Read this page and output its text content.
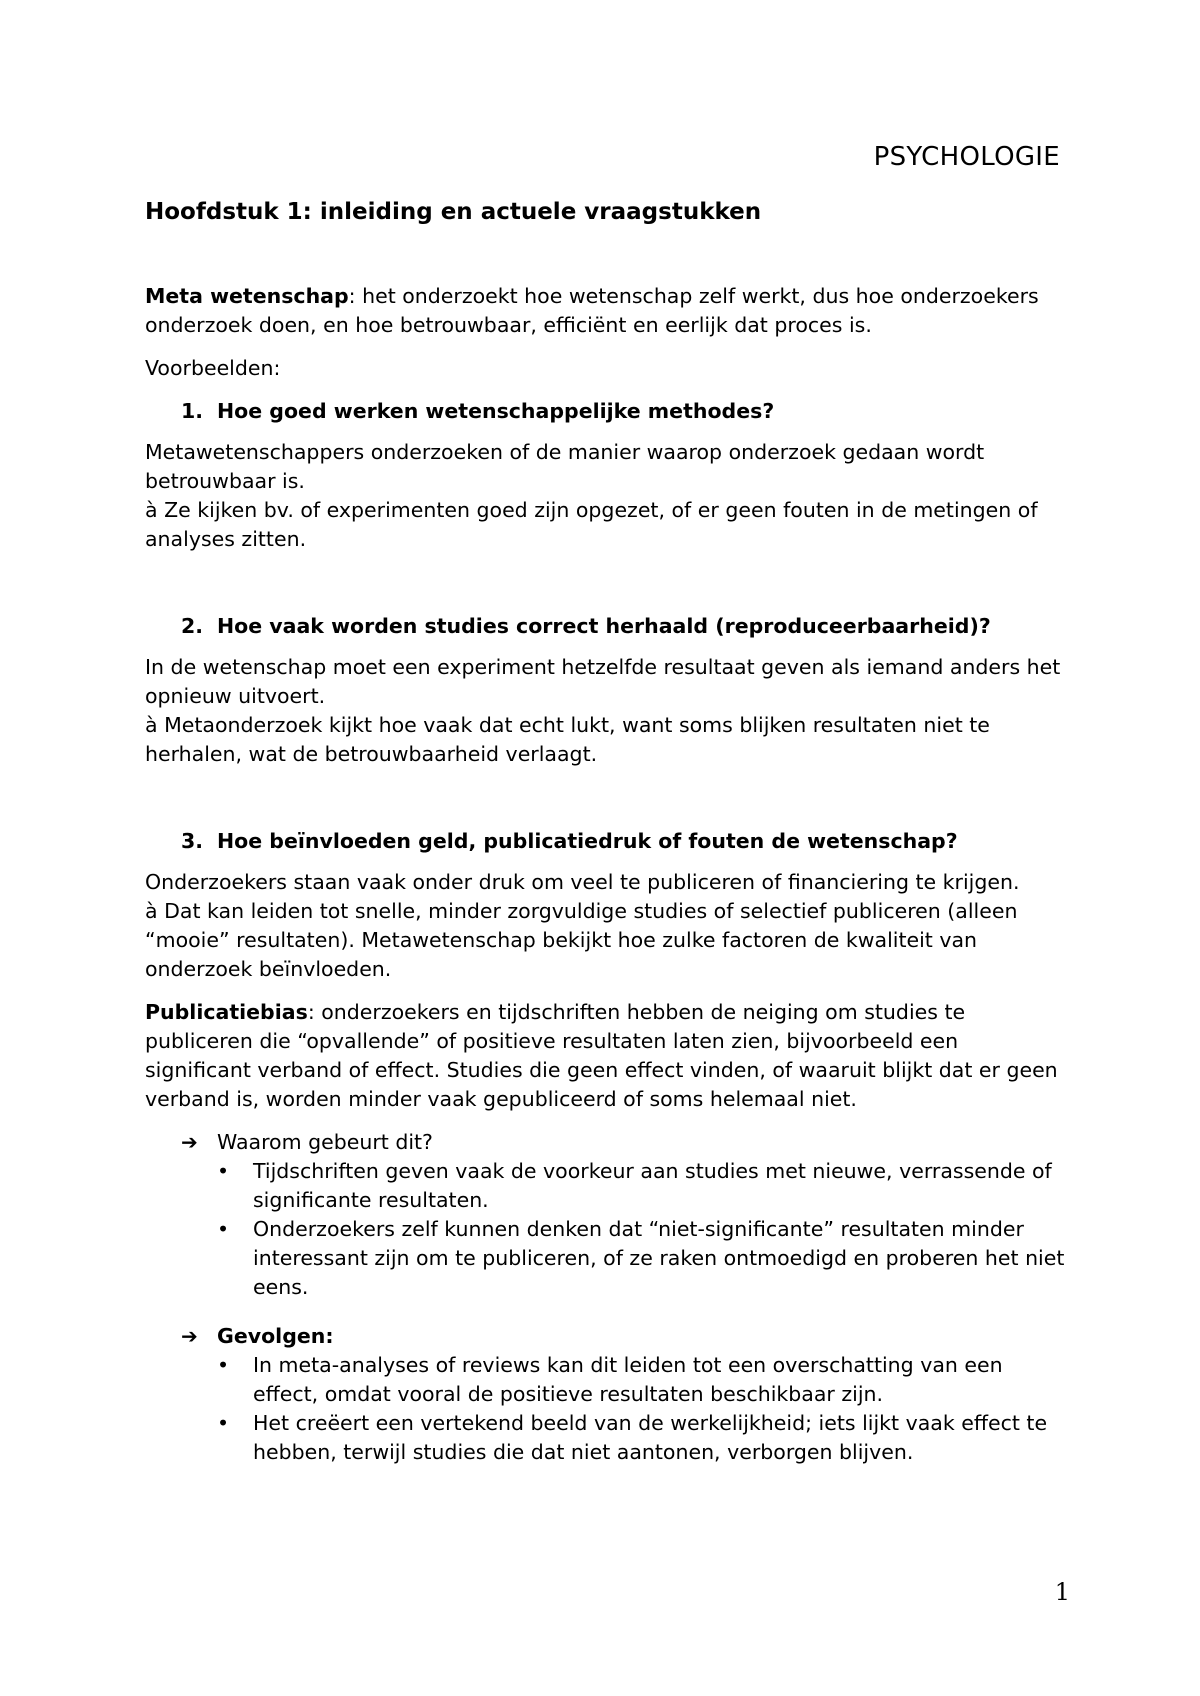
PSYCHOLOGIE
Hoofdstuk 1: inleiding en actuele vraagstukken

Meta wetenschap: het onderzoekt hoe wetenschap zelf werkt, dus hoe onderzoekers onderzoek doen, en hoe betrouwbaar, efficiënt en eerlijk dat proces is.

Voorbeelden:

1. Hoe goed werken wetenschappelijke methodes?

Metawetenschappers onderzoeken of de manier waarop onderzoek gedaan wordt betrouwbaar is.
à Ze kijken bv. of experimenten goed zijn opgezet, of er geen fouten in de metingen of analyses zitten.

2. Hoe vaak worden studies correct herhaald (reproduceerbaarheid)?

In de wetenschap moet een experiment hetzelfde resultaat geven als iemand anders het opnieuw uitvoert.
à Metaonderzoek kijkt hoe vaak dat echt lukt, want soms blijken resultaten niet te herhalen, wat de betrouwbaarheid verlaagt.

3. Hoe beïnvloeden geld, publicatiedruk of fouten de wetenschap?

Onderzoekers staan vaak onder druk om veel te publiceren of financiering te krijgen.
à Dat kan leiden tot snelle, minder zorgvuldige studies of selectief publiceren (alleen “mooie” resultaten). Metawetenschap bekijkt hoe zulke factoren de kwaliteit van onderzoek beïnvloeden.

Publicatiebias: onderzoekers en tijdschriften hebben de neiging om studies te publiceren die “opvallende” of positieve resultaten laten zien, bijvoorbeeld een significant verband of effect. Studies die geen effect vinden, of waaruit blijkt dat er geen verband is, worden minder vaak gepubliceerd of soms helemaal niet.

➔ Waarom gebeurt dit?
• Tijdschriften geven vaak de voorkeur aan studies met nieuwe, verrassende of significante resultaten.
• Onderzoekers zelf kunnen denken dat “niet-significante” resultaten minder interessant zijn om te publiceren, of ze raken ontmoedigd en proberen het niet eens.
➔ Gevolgen:
• In meta-analyses of reviews kan dit leiden tot een overschatting van een effect, omdat vooral de positieve resultaten beschikbaar zijn.
• Het creëert een vertekend beeld van de werkelijkheid; iets lijkt vaak effect te hebben, terwijl studies die dat niet aantonen, verborgen blijven.
1
